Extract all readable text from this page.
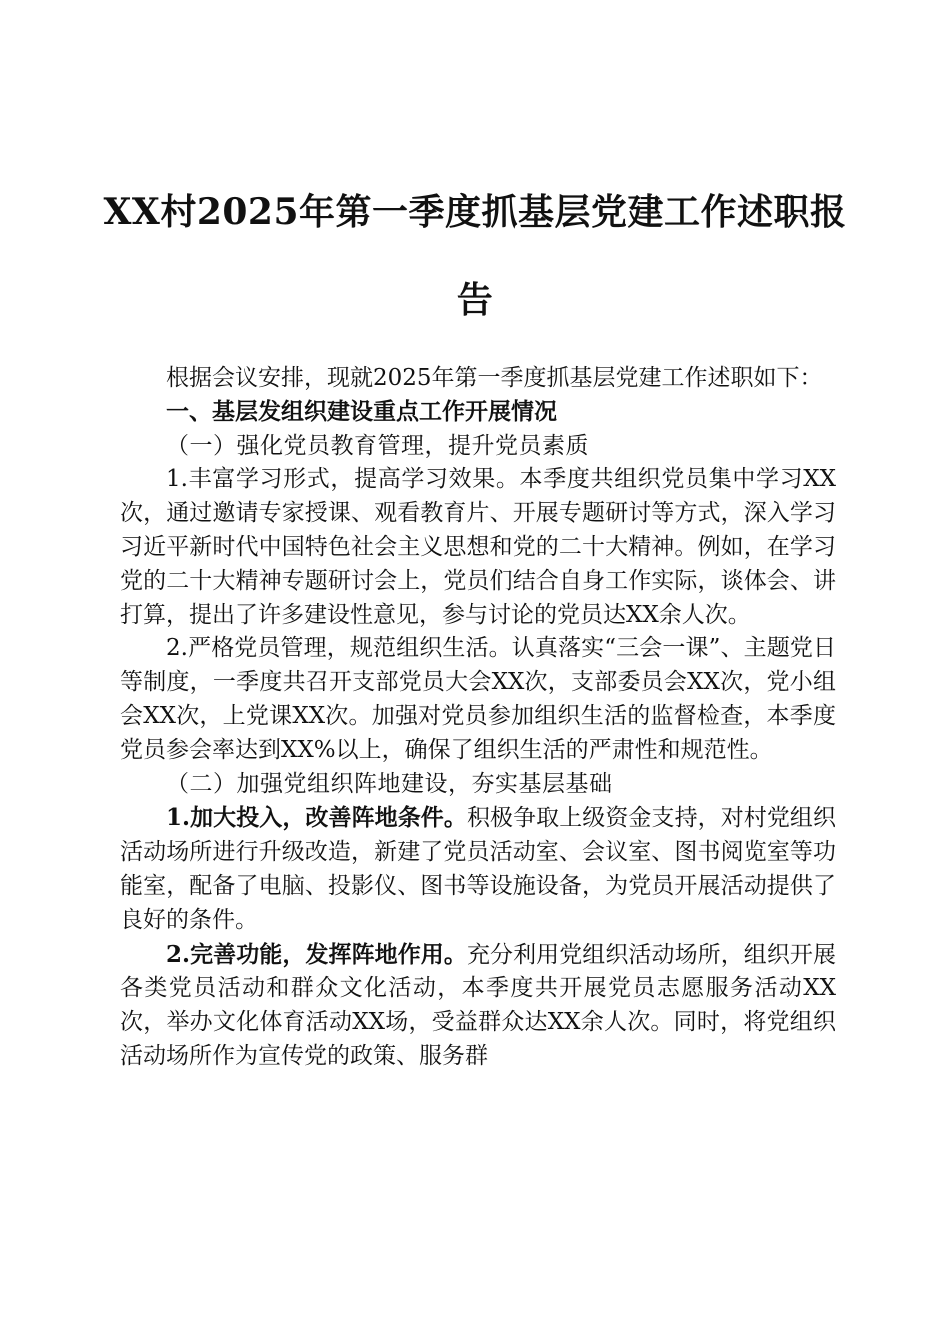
XX村2025年第一季度抓基层党建工作述职报告

根据会议安排，现就2025年第一季度抓基层党建工作述职如下：

一、基层发组织建设重点工作开展情况

（一）强化党员教育管理，提升党员素质

1.丰富学习形式，提高学习效果。本季度共组织党员集中学习XX次，通过邀请专家授课、观看教育片、开展专题研讨等方式，深入学习习近平新时代中国特色社会主义思想和党的二十大精神。例如，在学习党的二十大精神专题研讨会上，党员们结合自身工作实际，谈体会、讲打算，提出了许多建设性意见，参与讨论的党员达XX余人次。

2.严格党员管理，规范组织生活。认真落实“三会一课”、主题党日等制度，一季度共召开支部党员大会XX次，支部委员会XX次，党小组会XX次，上党课XX次。加强对党员参加组织生活的监督检查，本季度党员参会率达到XX%以上，确保了组织生活的严肃性和规范性。

（二）加强党组织阵地建设，夯实基层基础

1.加大投入，改善阵地条件。积极争取上级资金支持，对村党组织活动场所进行升级改造，新建了党员活动室、会议室、图书阅览室等功能室，配备了电脑、投影仪、图书等设施设备，为党员开展活动提供了良好的条件。

2.完善功能，发挥阵地作用。充分利用党组织活动场所，组织开展各类党员活动和群众文化活动，本季度共开展党员志愿服务活动XX次，举办文化体育活动XX场，受益群众达XX余人次。同时，将党组织活动场所作为宣传党的政策、服务群
